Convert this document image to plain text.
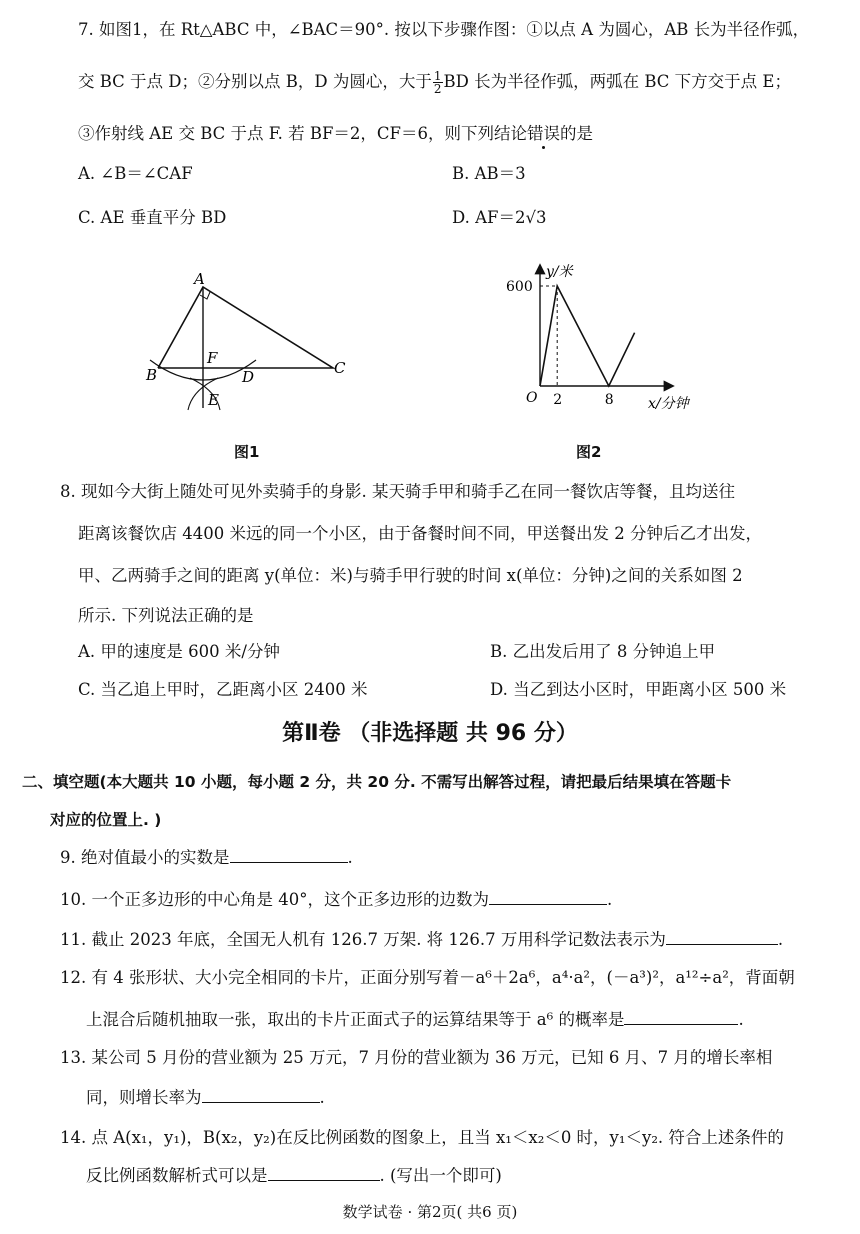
7. 如图1，在 Rt△ABC 中，∠BAC＝90°. 按以下步骤作图：①以点 A 为圆心，AB 长为半径作弧，
交 BC 于点 D；②分别以点 B，D 为圆心，大于 $\frac{1}{2}$ BD 长为半径作弧，两弧在 BC 下方交于点 E；
③作射线 AE 交 BC 于点 F. 若 BF＝2，CF＝6，则下列结论错误的是
A. ∠B＝∠CAF	B. AB＝3
C. AE 垂直平分 BD	D. AF＝2√3
A
B	C
D
E
F
图1
y/米
x/分钟
O
600
2	8
图2
8. 现如今大街上随处可见外卖骑手的身影. 某天骑手甲和骑手乙在同一餐饮店等餐，且均送往
距离该餐饮店 4400 米远的同一个小区，由于备餐时间不同，甲送餐出发 2 分钟后乙才出发，
甲、乙两骑手之间的距离 y(单位：米)与骑手甲行驶的时间 x(单位：分钟)之间的关系如图 2
所示. 下列说法正确的是
A. 甲的速度是 600 米/分钟	B. 乙出发后用了 8 分钟追上甲
C. 当乙追上甲时，乙距离小区 2400 米	D. 当乙到达小区时，甲距离小区 500 米
第Ⅱ卷 （非选择题 共 96 分）
二、填空题(本大题共 10 小题，每小题 2 分，共 20 分. 不需写出解答过程，请把最后结果填在答题卡
对应的位置上. )
9. 绝对值最小的实数是	.
10. 一个正多边形的中心角是 40°，这个正多边形的边数为	.
11. 截止 2023 年底，全国无人机有 126.7 万架. 将 126.7 万用科学记数法表示为	.
12. 有 4 张形状、大小完全相同的卡片，正面分别写着－a⁶＋2a⁶，a⁴·a²，(－a³)²，a¹²÷a²，背面朝
上混合后随机抽取一张，取出的卡片正面式子的运算结果等于 a⁶ 的概率是	.
13. 某公司 5 月份的营业额为 25 万元，7 月份的营业额为 36 万元，已知 6 月、7 月的增长率相
同，则增长率为	.
14. 点 A(x₁，y₁)，B(x₂，y₂)在反比例函数的图象上，且当 x₁＜x₂＜0 时，y₁＜y₂. 符合上述条件的
反比例函数解析式可以是	. (写出一个即可)
数学试卷 · 第2页( 共6 页)
